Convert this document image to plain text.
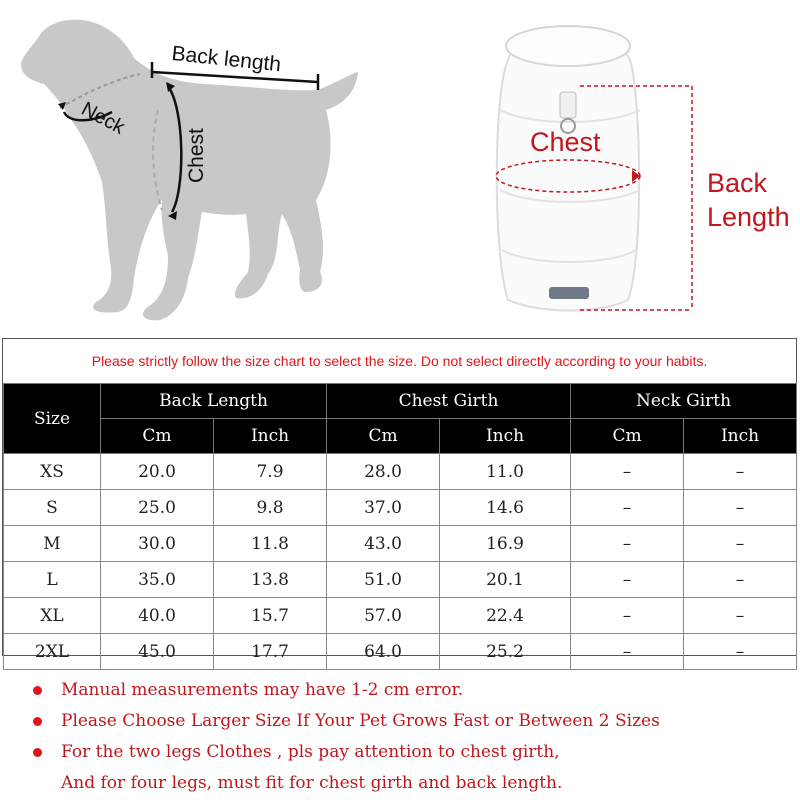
Back length
Neck
Chest	Chest
Back
Length
Please strictly follow the size chart to select the size. Do not select directly according to your habits.
Size	Back Length		Chest Girth		Neck Girth	
	Cm	Inch	Cm	Inch	Cm	Inch
XS	20.0	7.9	28.0	11.0	–	–
S	25.0	9.8	37.0	14.6	–	–
M	30.0	11.8	43.0	16.9	–	–
L	35.0	13.8	51.0	20.1	–	–
XL	40.0	15.7	57.0	22.4	–	–
2XL	45.0	17.7	64.0	25.2	–	–
Manual measurements may have 1-2 cm error.
Please Choose Larger Size If Your Pet Grows Fast or Between 2 Sizes
For the two legs Clothes , pls pay attention to chest girth,
And for four legs, must fit for chest girth and back length.
